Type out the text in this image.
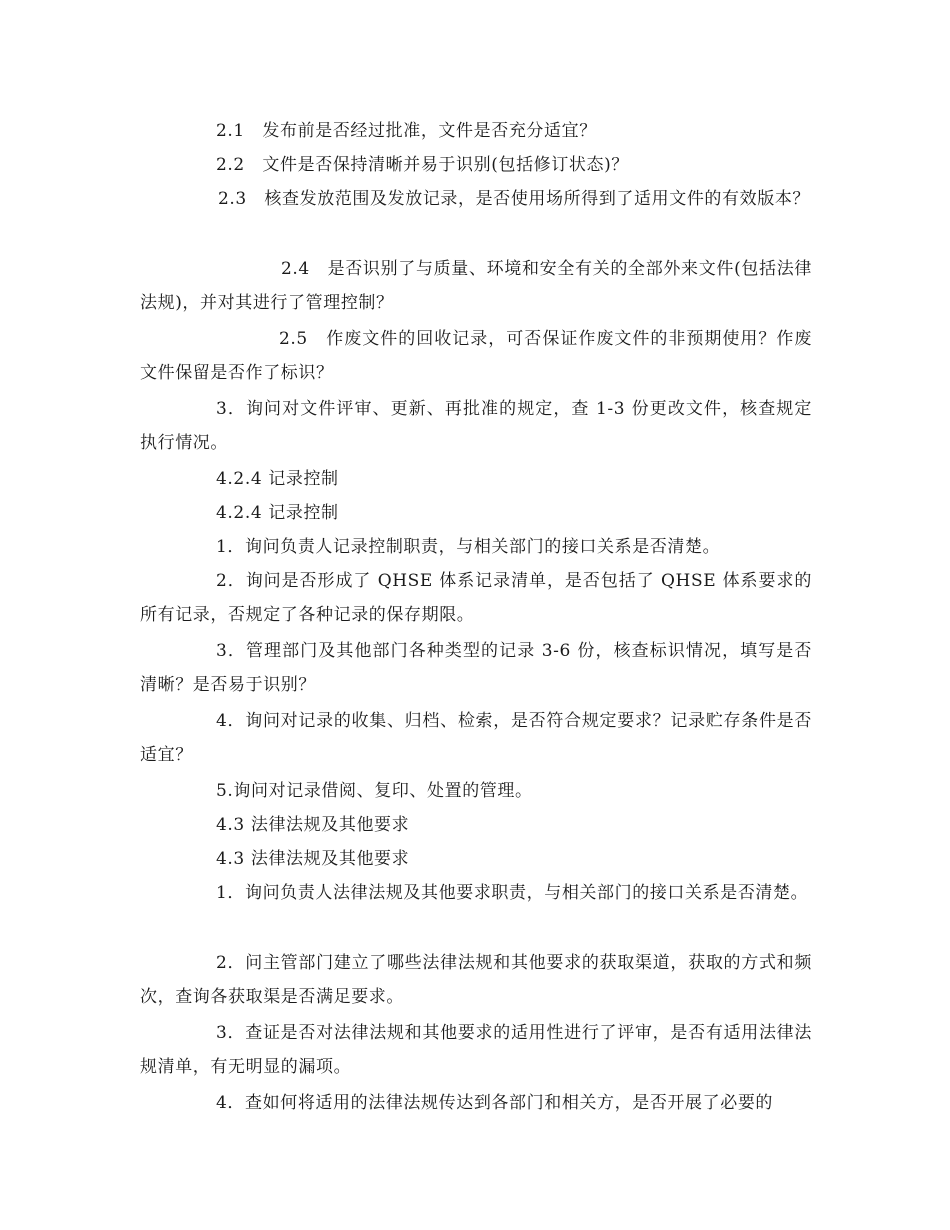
2.1　发布前是否经过批准，文件是否充分适宜？

2.2　文件是否保持清晰并易于识别(包括修订状态)？

2.3　核查发放范围及发放记录，是否使用场所得到了适用文件的有效版本？

2.4　是否识别了与质量、环境和安全有关的全部外来文件(包括法律法规)，并对其进行了管理控制？

2.5　作废文件的回收记录，可否保证作废文件的非预期使用？作废文件保留是否作了标识？

3．询问对文件评审、更新、再批准的规定，查 1-3 份更改文件，核查规定执行情况。

4.2.4 记录控制

4.2.4 记录控制

1．询问负责人记录控制职责，与相关部门的接口关系是否清楚。

2．询问是否形成了 QHSE 体系记录清单，是否包括了 QHSE 体系要求的所有记录，否规定了各种记录的保存期限。

3．管理部门及其他部门各种类型的记录 3-6 份，核查标识情况，填写是否清晰？是否易于识别？

4．询问对记录的收集、归档、检索，是否符合规定要求？记录贮存条件是否适宜？

5.询问对记录借阅、复印、处置的管理。

4.3 法律法规及其他要求

4.3 法律法规及其他要求

1．询问负责人法律法规及其他要求职责，与相关部门的接口关系是否清楚。

2．问主管部门建立了哪些法律法规和其他要求的获取渠道，获取的方式和频次，查询各获取渠是否满足要求。

3．查证是否对法律法规和其他要求的适用性进行了评审，是否有适用法律法规清单，有无明显的漏项。

4．查如何将适用的法律法规传达到各部门和相关方，是否开展了必要的
